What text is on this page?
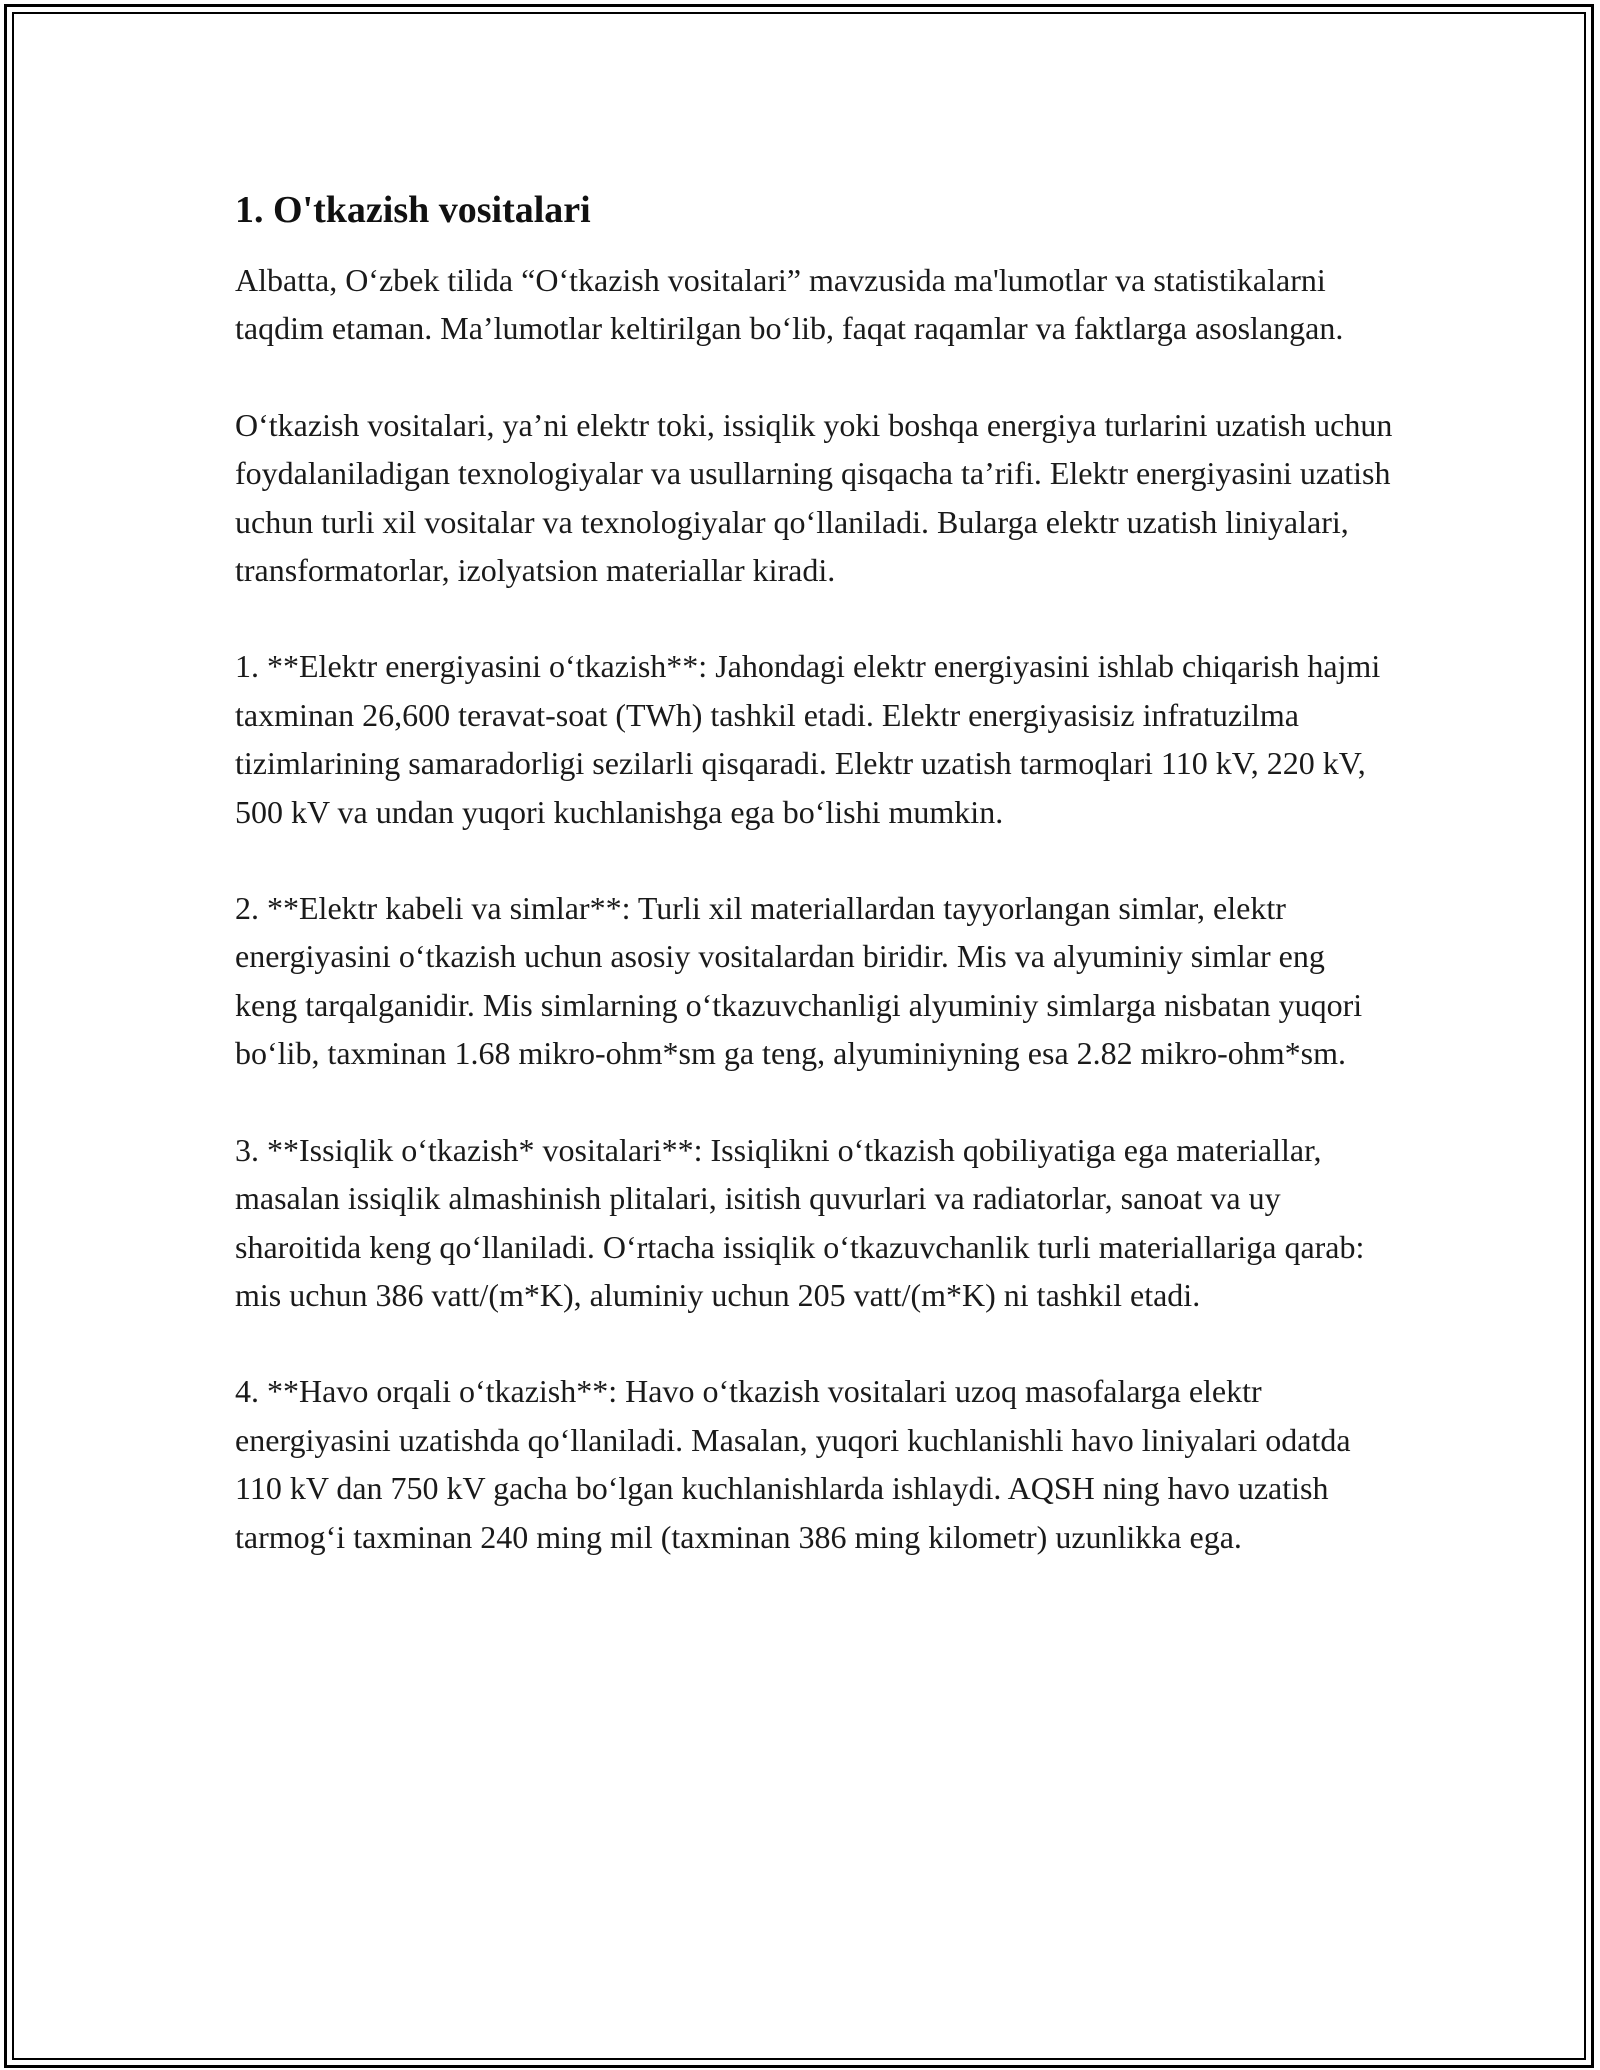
1. O'tkazish vositalari

Albatta, O‘zbek tilida “O‘tkazish vositalari” mavzusida ma'lumotlar va statistikalarni taqdim etaman. Ma’lumotlar keltirilgan bo‘lib, faqat raqamlar va faktlarga asoslangan.

O‘tkazish vositalari, ya’ni elektr toki, issiqlik yoki boshqa energiya turlarini uzatish uchun foydalaniladigan texnologiyalar va usullarning qisqacha ta’rifi. Elektr energiyasini uzatish uchun turli xil vositalar va texnologiyalar qo‘llaniladi. Bularga elektr uzatish liniyalari, transformatorlar, izolyatsion materiallar kiradi.

1. **Elektr energiyasini o‘tkazish**: Jahondagi elektr energiyasini ishlab chiqarish hajmi taxminan 26,600 teravat-soat (TWh) tashkil etadi. Elektr energiyasisiz infratuzilma tizimlarining samaradorligi sezilarli qisqaradi. Elektr uzatish tarmoqlari 110 kV, 220 kV, 500 kV va undan yuqori kuchlanishga ega bo‘lishi mumkin.

2. **Elektr kabeli va simlar**: Turli xil materiallardan tayyorlangan simlar, elektr energiyasini o‘tkazish uchun asosiy vositalardan biridir. Mis va alyuminiy simlar eng keng tarqalganidir. Mis simlarning o‘tkazuvchanligi alyuminiy simlarga nisbatan yuqori bo‘lib, taxminan 1.68 mikro-ohm*sm ga teng, alyuminiyning esa 2.82 mikro-ohm*sm.

3. **Issiqlik o‘tkazish* vositalari**: Issiqlikni o‘tkazish qobiliyatiga ega materiallar, masalan issiqlik almashinish plitalari, isitish quvurlari va radiatorlar, sanoat va uy sharoitida keng qo‘llaniladi. O‘rtacha issiqlik o‘tkazuvchanlik turli materiallariga qarab: mis uchun 386 vatt/(m*K), aluminiy uchun 205 vatt/(m*K) ni tashkil etadi.

4. **Havo orqali o‘tkazish**: Havo o‘tkazish vositalari uzoq masofalarga elektr energiyasini uzatishda qo‘llaniladi. Masalan, yuqori kuchlanishli havo liniyalari odatda 110 kV dan 750 kV gacha bo‘lgan kuchlanishlarda ishlaydi. AQSH ning havo uzatish tarmog‘i taxminan 240 ming mil (taxminan 386 ming kilometr) uzunlikka ega.
